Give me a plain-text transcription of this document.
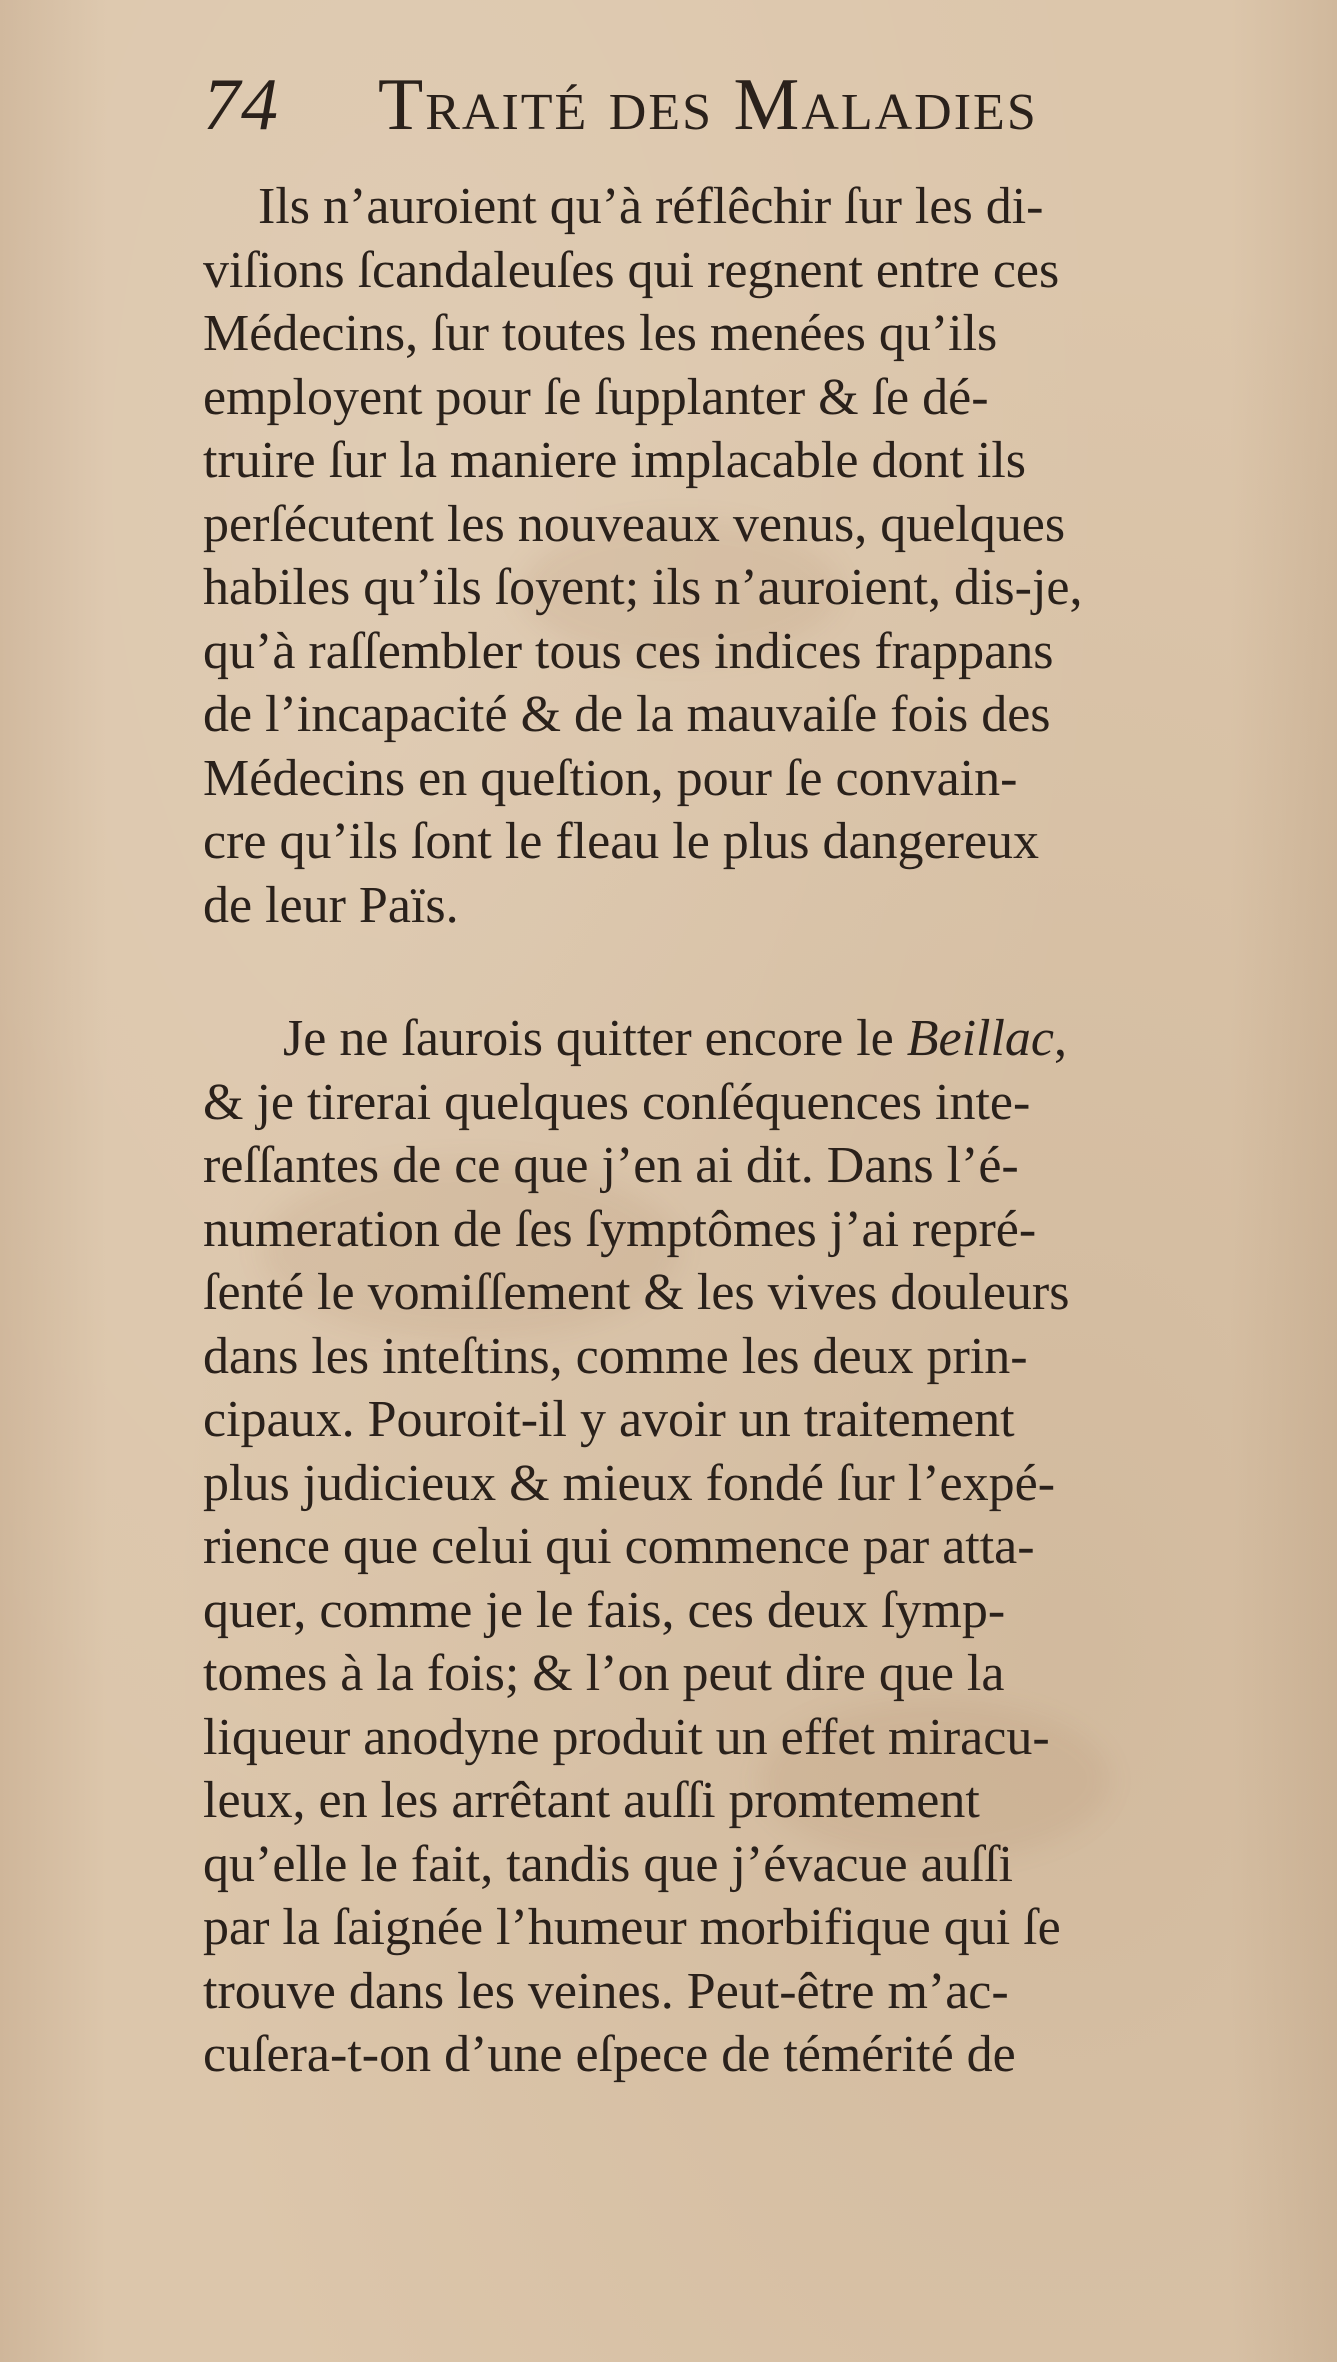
74 Traité des Maladies

Ils n’auroient qu’à réflêchir ſur les di-
viſions ſcandaleuſes qui regnent entre ces
Médecins, ſur toutes les menées qu’ils
employent pour ſe ſupplanter & ſe dé-
truire ſur la maniere implacable dont ils
perſécutent les nouveaux venus, quelques
habiles qu’ils ſoyent; ils n’auroient, dis-je,
qu’à raſſembler tous ces indices frappans
de l’incapacité & de la mauvaiſe fois des
Médecins en queſtion, pour ſe convain-
cre qu’ils ſont le fleau le plus dangereux
de leur Païs.

Je ne ſaurois quitter encore le Beillac,
& je tirerai quelques conſéquences inte-
reſſantes de ce que j’en ai dit. Dans l’é-
numeration de ſes ſymptômes j’ai repré-
ſenté le vomiſſement & les vives douleurs
dans les inteſtins, comme les deux prin-
cipaux. Pouroit-il y avoir un traitement
plus judicieux & mieux fondé ſur l’expé-
rience que celui qui commence par atta-
quer, comme je le fais, ces deux ſymp-
tomes à la fois; & l’on peut dire que la
liqueur anodyne produit un effet miracu-
leux, en les arrêtant auſſi promtement
qu’elle le fait, tandis que j’évacue auſſi
par la ſaignée l’humeur morbifique qui ſe
trouve dans les veines. Peut-être m’ac-
cuſera-t-on d’une eſpece de témérité de
